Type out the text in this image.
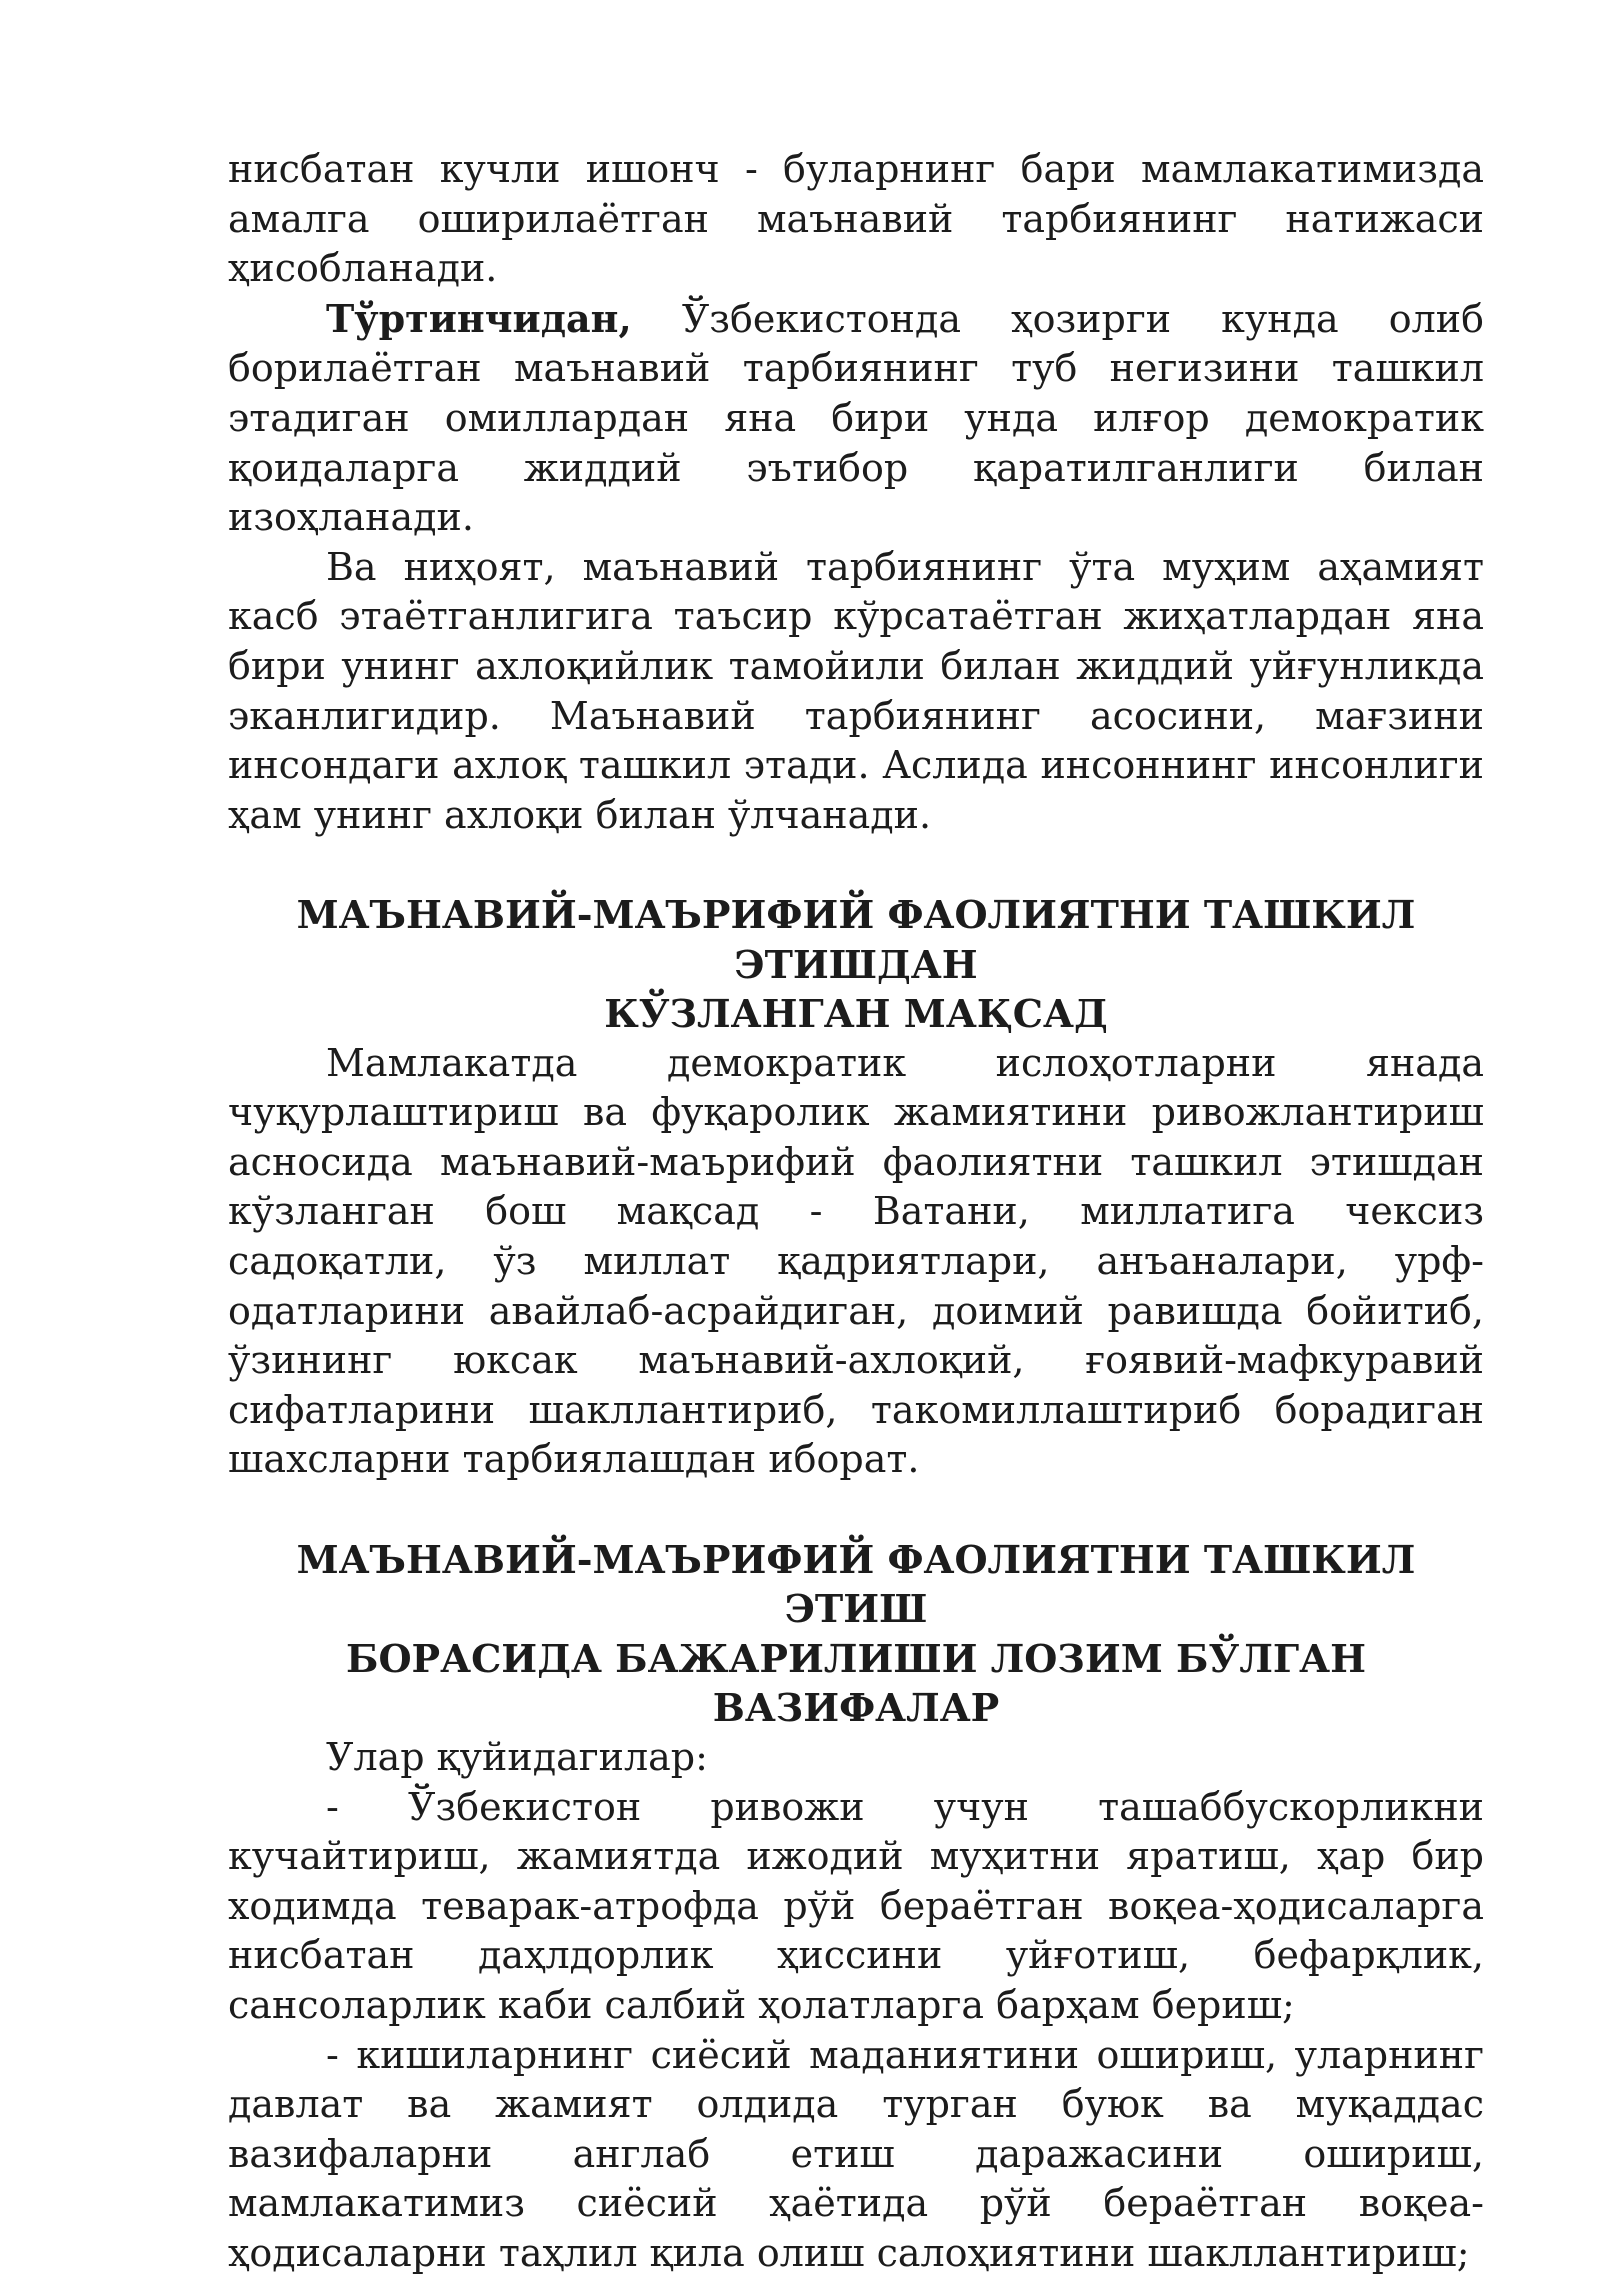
нисбатан кучли ишонч - буларнинг бари мамлакатимизда амалга оширилаётган маънавий тарбиянинг натижаси ҳисобланади.

Тўртинчидан, Ўзбекистонда ҳозирги кунда олиб борилаётган маънавий тарбиянинг туб негизини ташкил этадиган омиллардан яна бири унда илғор демократик қоидаларга жиддий эътибор қаратилганлиги билан изоҳланади.

Ва ниҳоят, маънавий тарбиянинг ўта муҳим аҳамият касб этаётганлигига таъсир кўрсатаётган жиҳатлардан яна бири унинг ахлоқийлик тамойили билан жиддий уйғунликда эканлигидир. Маънавий тарбиянинг асосини, мағзини инсондаги ахлоқ ташкил этади. Аслида инсоннинг инсонлиги ҳам унинг ахлоқи билан ўлчанади.

МАЪНАВИЙ-МАЪРИФИЙ ФАОЛИЯТНИ ТАШКИЛ ЭТИШДАН
КЎЗЛАНГАН МАҚСАД

Мамлакатда демократик ислоҳотларни янада чуқурлаштириш ва фуқаролик жамиятини ривожлантириш асносида маънавий-маърифий фаолиятни ташкил этишдан кўзланган бош мақсад - Ватани, миллатига чексиз садоқатли, ўз миллат қадриятлари, анъаналари, урф-одатларини авайлаб-асрайдиган, доимий равишда бойитиб, ўзининг юксак маънавий-ахлоқий, ғоявий-мафкуравий сифатларини шакллантириб, такомиллаштириб борадиган шахсларни тарбиялашдан иборат.

МАЪНАВИЙ-МАЪРИФИЙ ФАОЛИЯТНИ ТАШКИЛ ЭТИШ
БОРАСИДА БАЖАРИЛИШИ ЛОЗИМ БЎЛГАН ВАЗИФАЛАР

Улар қуйидагилар:

- Ўзбекистон ривожи учун ташаббускорликни кучайтириш, жамиятда ижодий муҳитни яратиш, ҳар бир ходимда теварак-атрофда рўй бераётган воқеа-ҳодисаларга нисбатан даҳлдорлик ҳиссини уйғотиш, бефарқлик, сансоларлик каби салбий ҳолатларга барҳам бериш;

- кишиларнинг сиёсий маданиятини ошириш, уларнинг давлат ва жамият олдида турган буюк ва муқаддас вазифаларни англаб етиш даражасини ошириш, мамлакатимиз сиёсий ҳаётида рўй бераётган воқеа-ҳодисаларни таҳлил қила олиш салоҳиятини шакллантириш;
